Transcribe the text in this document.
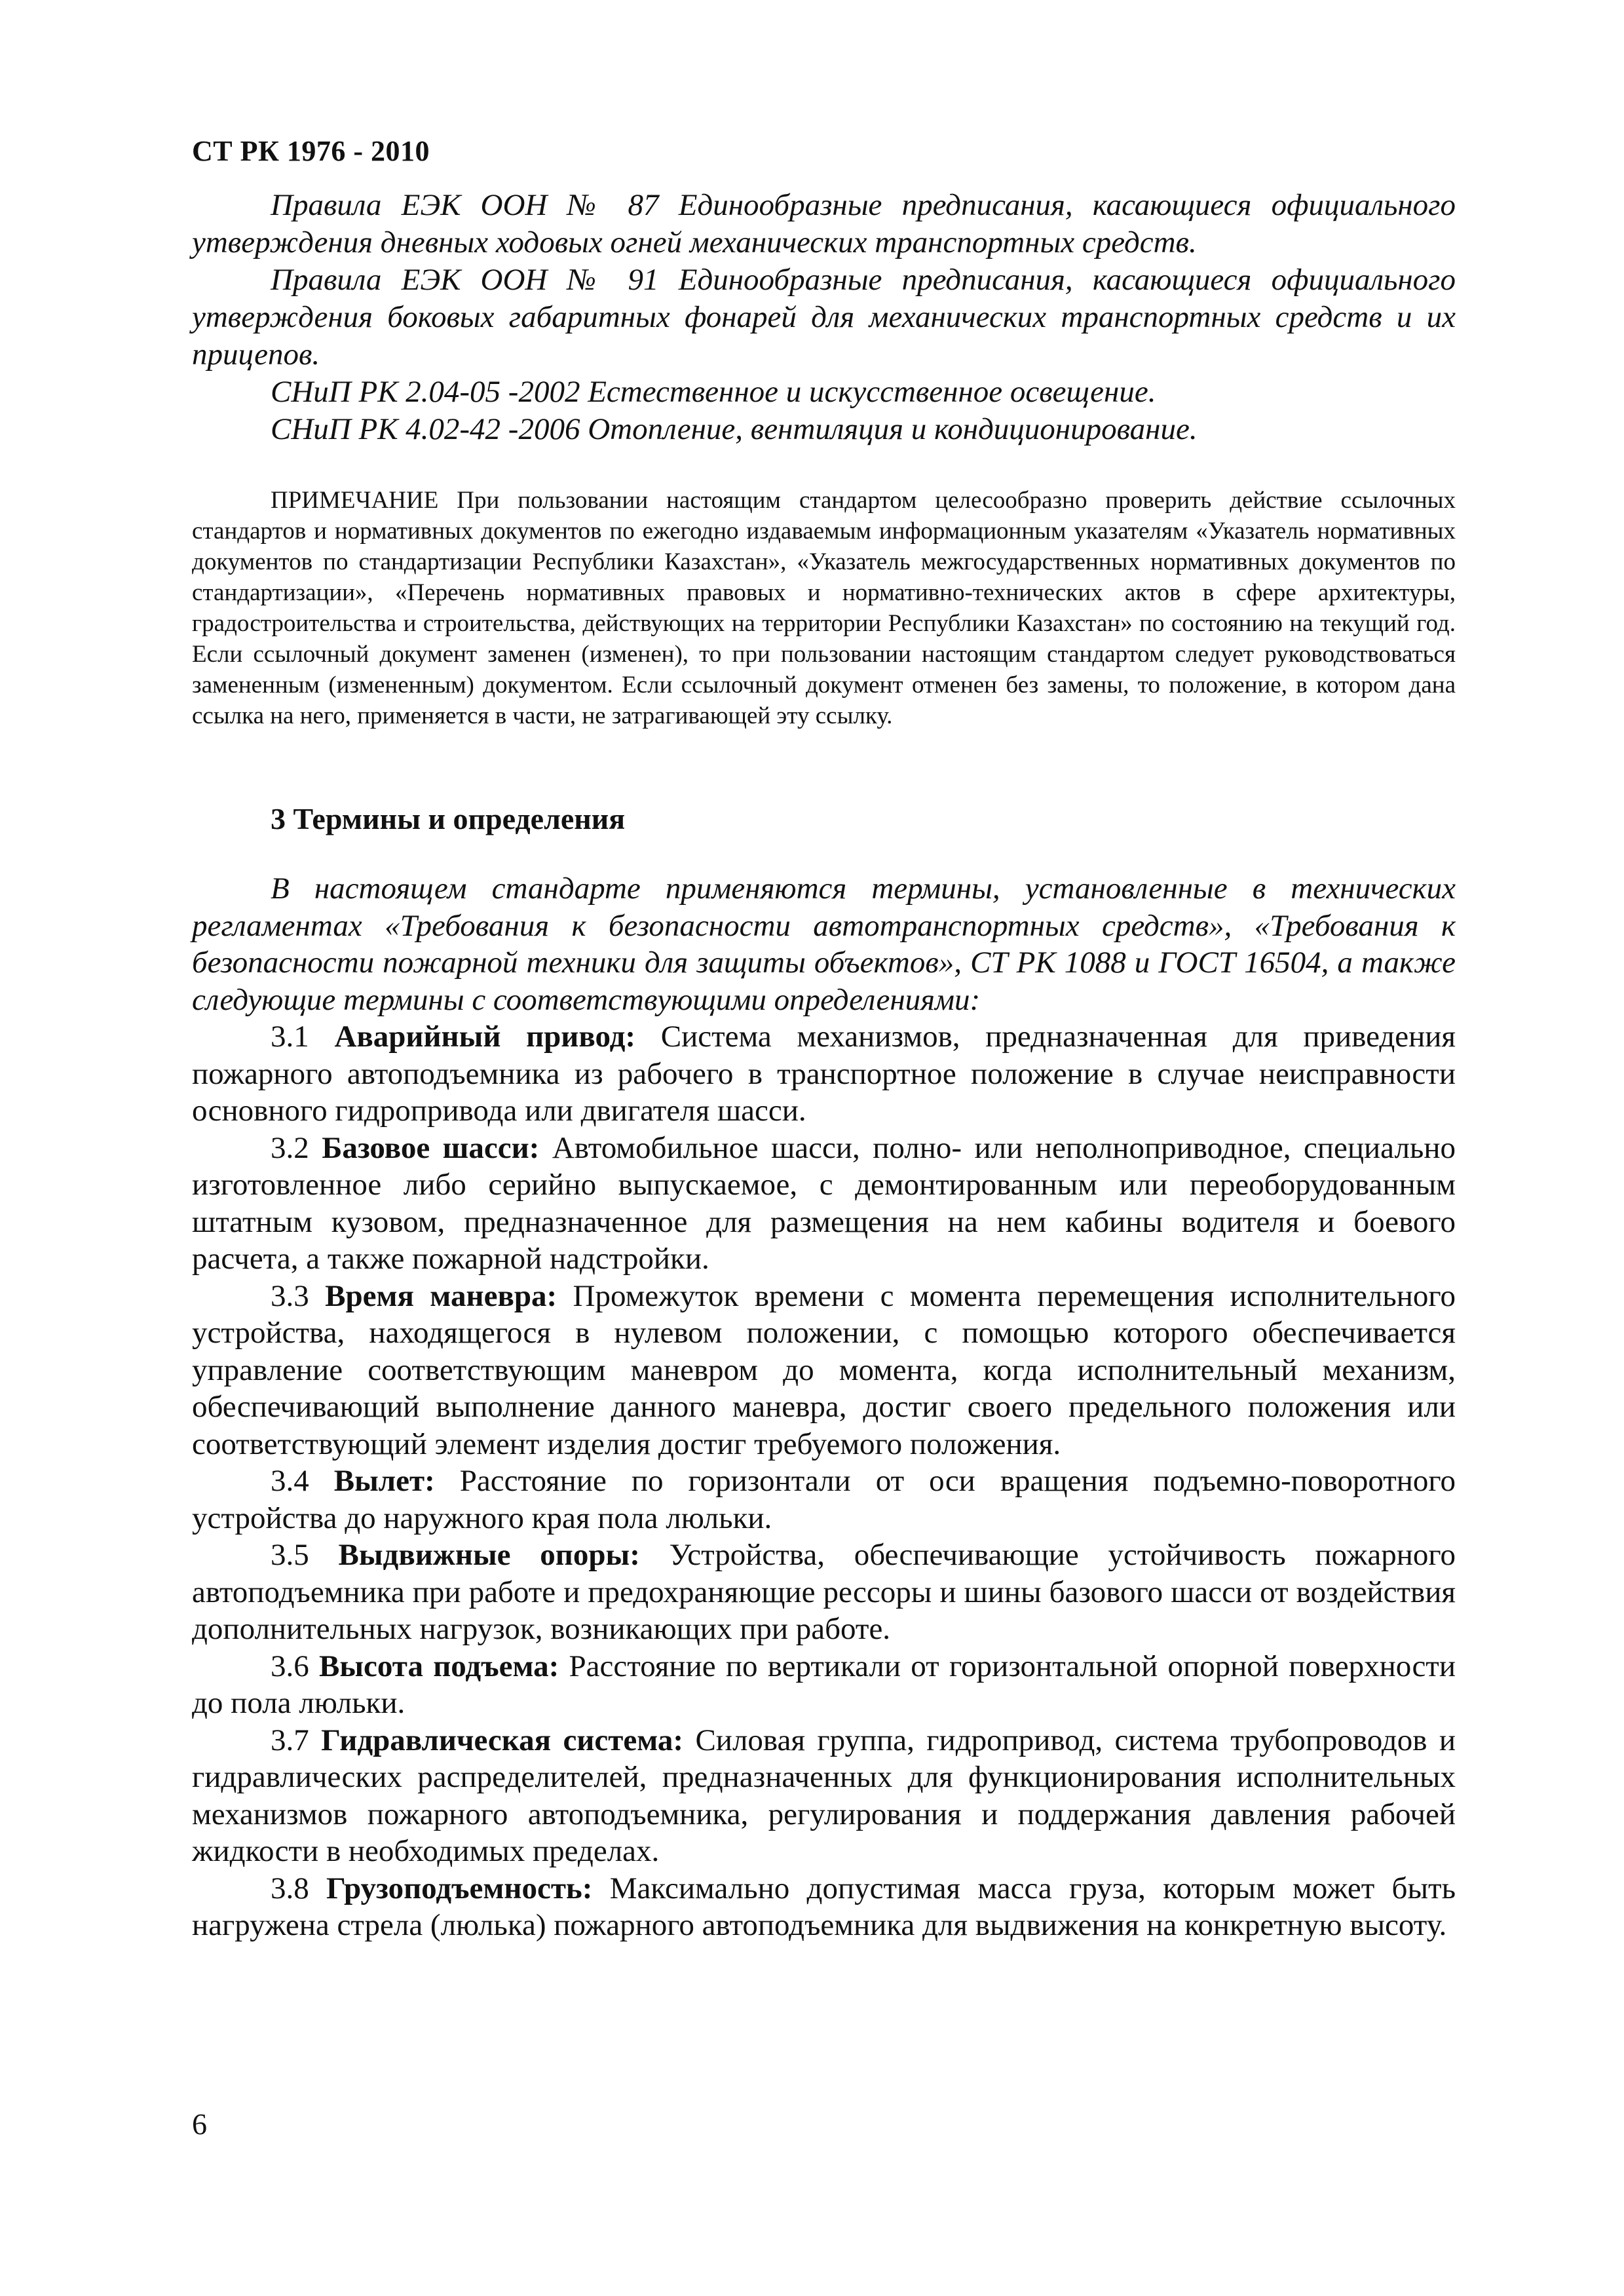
СТ РК 1976 - 2010

Правила ЕЭК ООН № 87 Единообразные предписания, касающиеся официального утверждения дневных ходовых огней механических транспортных средств.

Правила ЕЭК ООН № 91 Единообразные предписания, касающиеся официального утверждения боковых габаритных фонарей для механических транспортных средств и их прицепов.

СНиП РК 2.04-05 -2002 Естественное и искусственное освещение.

СНиП РК 4.02-42 -2006 Отопление, вентиляция и кондиционирование.

ПРИМЕЧАНИЕ При пользовании настоящим стандартом целесообразно проверить действие ссылочных стандартов и нормативных документов по ежегодно издаваемым информационным указателям «Указатель нормативных документов по стандартизации Республики Казахстан», «Указатель межгосударственных нормативных документов по стандартизации», «Перечень нормативных правовых и нормативно-технических актов в сфере архитектуры, градостроительства и строительства, действующих на территории Республики Казахстан» по состоянию на текущий год. Если ссылочный документ заменен (изменен), то при пользовании настоящим стандартом следует руководствоваться замененным (измененным) документом. Если ссылочный документ отменен без замены, то положение, в котором дана ссылка на него, применяется в части, не затрагивающей эту ссылку.

3 Термины и определения

В настоящем стандарте применяются термины, установленные в технических регламентах «Требования к безопасности автотранспортных средств», «Требования к безопасности пожарной техники для защиты объектов», СТ РК 1088 и ГОСТ 16504, а также следующие термины с соответствующими определениями:

3.1 Аварийный привод: Система механизмов, предназначенная для приведения пожарного автоподъемника из рабочего в транспортное положение в случае неисправности основного гидропривода или двигателя шасси.

3.2 Базовое шасси: Автомобильное шасси, полно- или неполноприводное, специально изготовленное либо серийно выпускаемое, с демонтированным или переоборудованным штатным кузовом, предназначенное для размещения на нем кабины водителя и боевого расчета, а также пожарной надстройки.

3.3 Время маневра: Промежуток времени с момента перемещения исполнительного устройства, находящегося в нулевом положении, с помощью которого обеспечивается управление соответствующим маневром до момента, когда исполнительный механизм, обеспечивающий выполнение данного маневра, достиг своего предельного положения или соответствующий элемент изделия достиг требуемого положения.

3.4 Вылет: Расстояние по горизонтали от оси вращения подъемно-поворотного устройства до наружного края пола люльки.

3.5 Выдвижные опоры: Устройства, обеспечивающие устойчивость пожарного автоподъемника при работе и предохраняющие рессоры и шины базового шасси от воздействия дополнительных нагрузок, возникающих при работе.

3.6 Высота подъема: Расстояние по вертикали от горизонтальной опорной поверхности до пола люльки.

3.7 Гидравлическая система: Силовая группа, гидропривод, система трубопроводов и гидравлических распределителей, предназначенных для функционирования исполнительных механизмов пожарного автоподъемника, регулирования и поддержания давления рабочей жидкости в необходимых пределах.

3.8 Грузоподъемность: Максимально допустимая масса груза, которым может быть нагружена стрела (люлька) пожарного автоподъемника для выдвижения на конкретную высоту.

6
